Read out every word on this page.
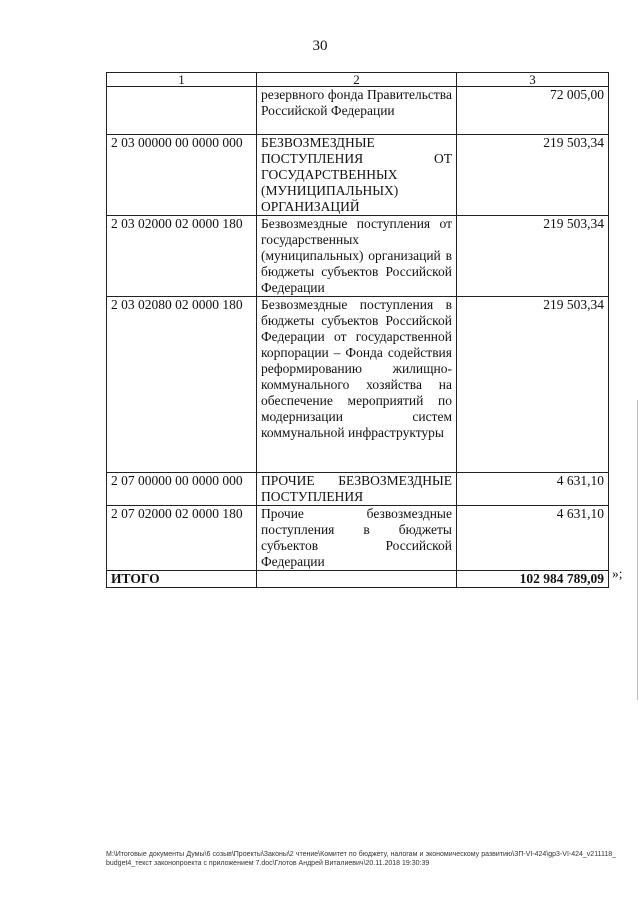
30
1	2	3

	резервного фонда Правительства Российской Федерации	72 005,00
2 03 00000 00 0000 000	БЕЗВОЗМЕЗДНЫЕ ПОСТУПЛЕНИЯ ОТ ГОСУДАРСТВЕННЫХ (МУНИЦИПАЛЬНЫХ) ОРГАНИЗАЦИЙ	219 503,34
2 03 02000 02 0000 180	Безвозмездные поступления от государственных (муниципальных) организаций в бюджеты субъектов Российской Федерации	219 503,34
2 03 02080 02 0000 180	Безвозмездные поступления в бюджеты субъектов Российской Федерации от государственной корпорации – Фонда содействия реформированию жилищно-коммунального хозяйства на обеспечение мероприятий по модернизации систем коммунальной инфраструктуры	219 503,34
2 07 00000 00 0000 000	ПРОЧИЕ БЕЗВОЗМЕЗДНЫЕ ПОСТУПЛЕНИЯ	4 631,10
2 07 02000 02 0000 180	Прочие безвозмездные поступления в бюджеты субъектов Российской Федерации	4 631,10
ИТОГО		102 984 789,09 »;
M:\Итоговые документы Думы\6 созыв\Проекты\Законы\2 чтение\Комитет по бюджету, налогам и экономическому развитию\ЗП-VI-424\gp3-VI-424_v211118_budget4_текст законопроекта с приложением 7.doc\Глотов Андрей Виталиевич\20.11.2018 19:30:39
